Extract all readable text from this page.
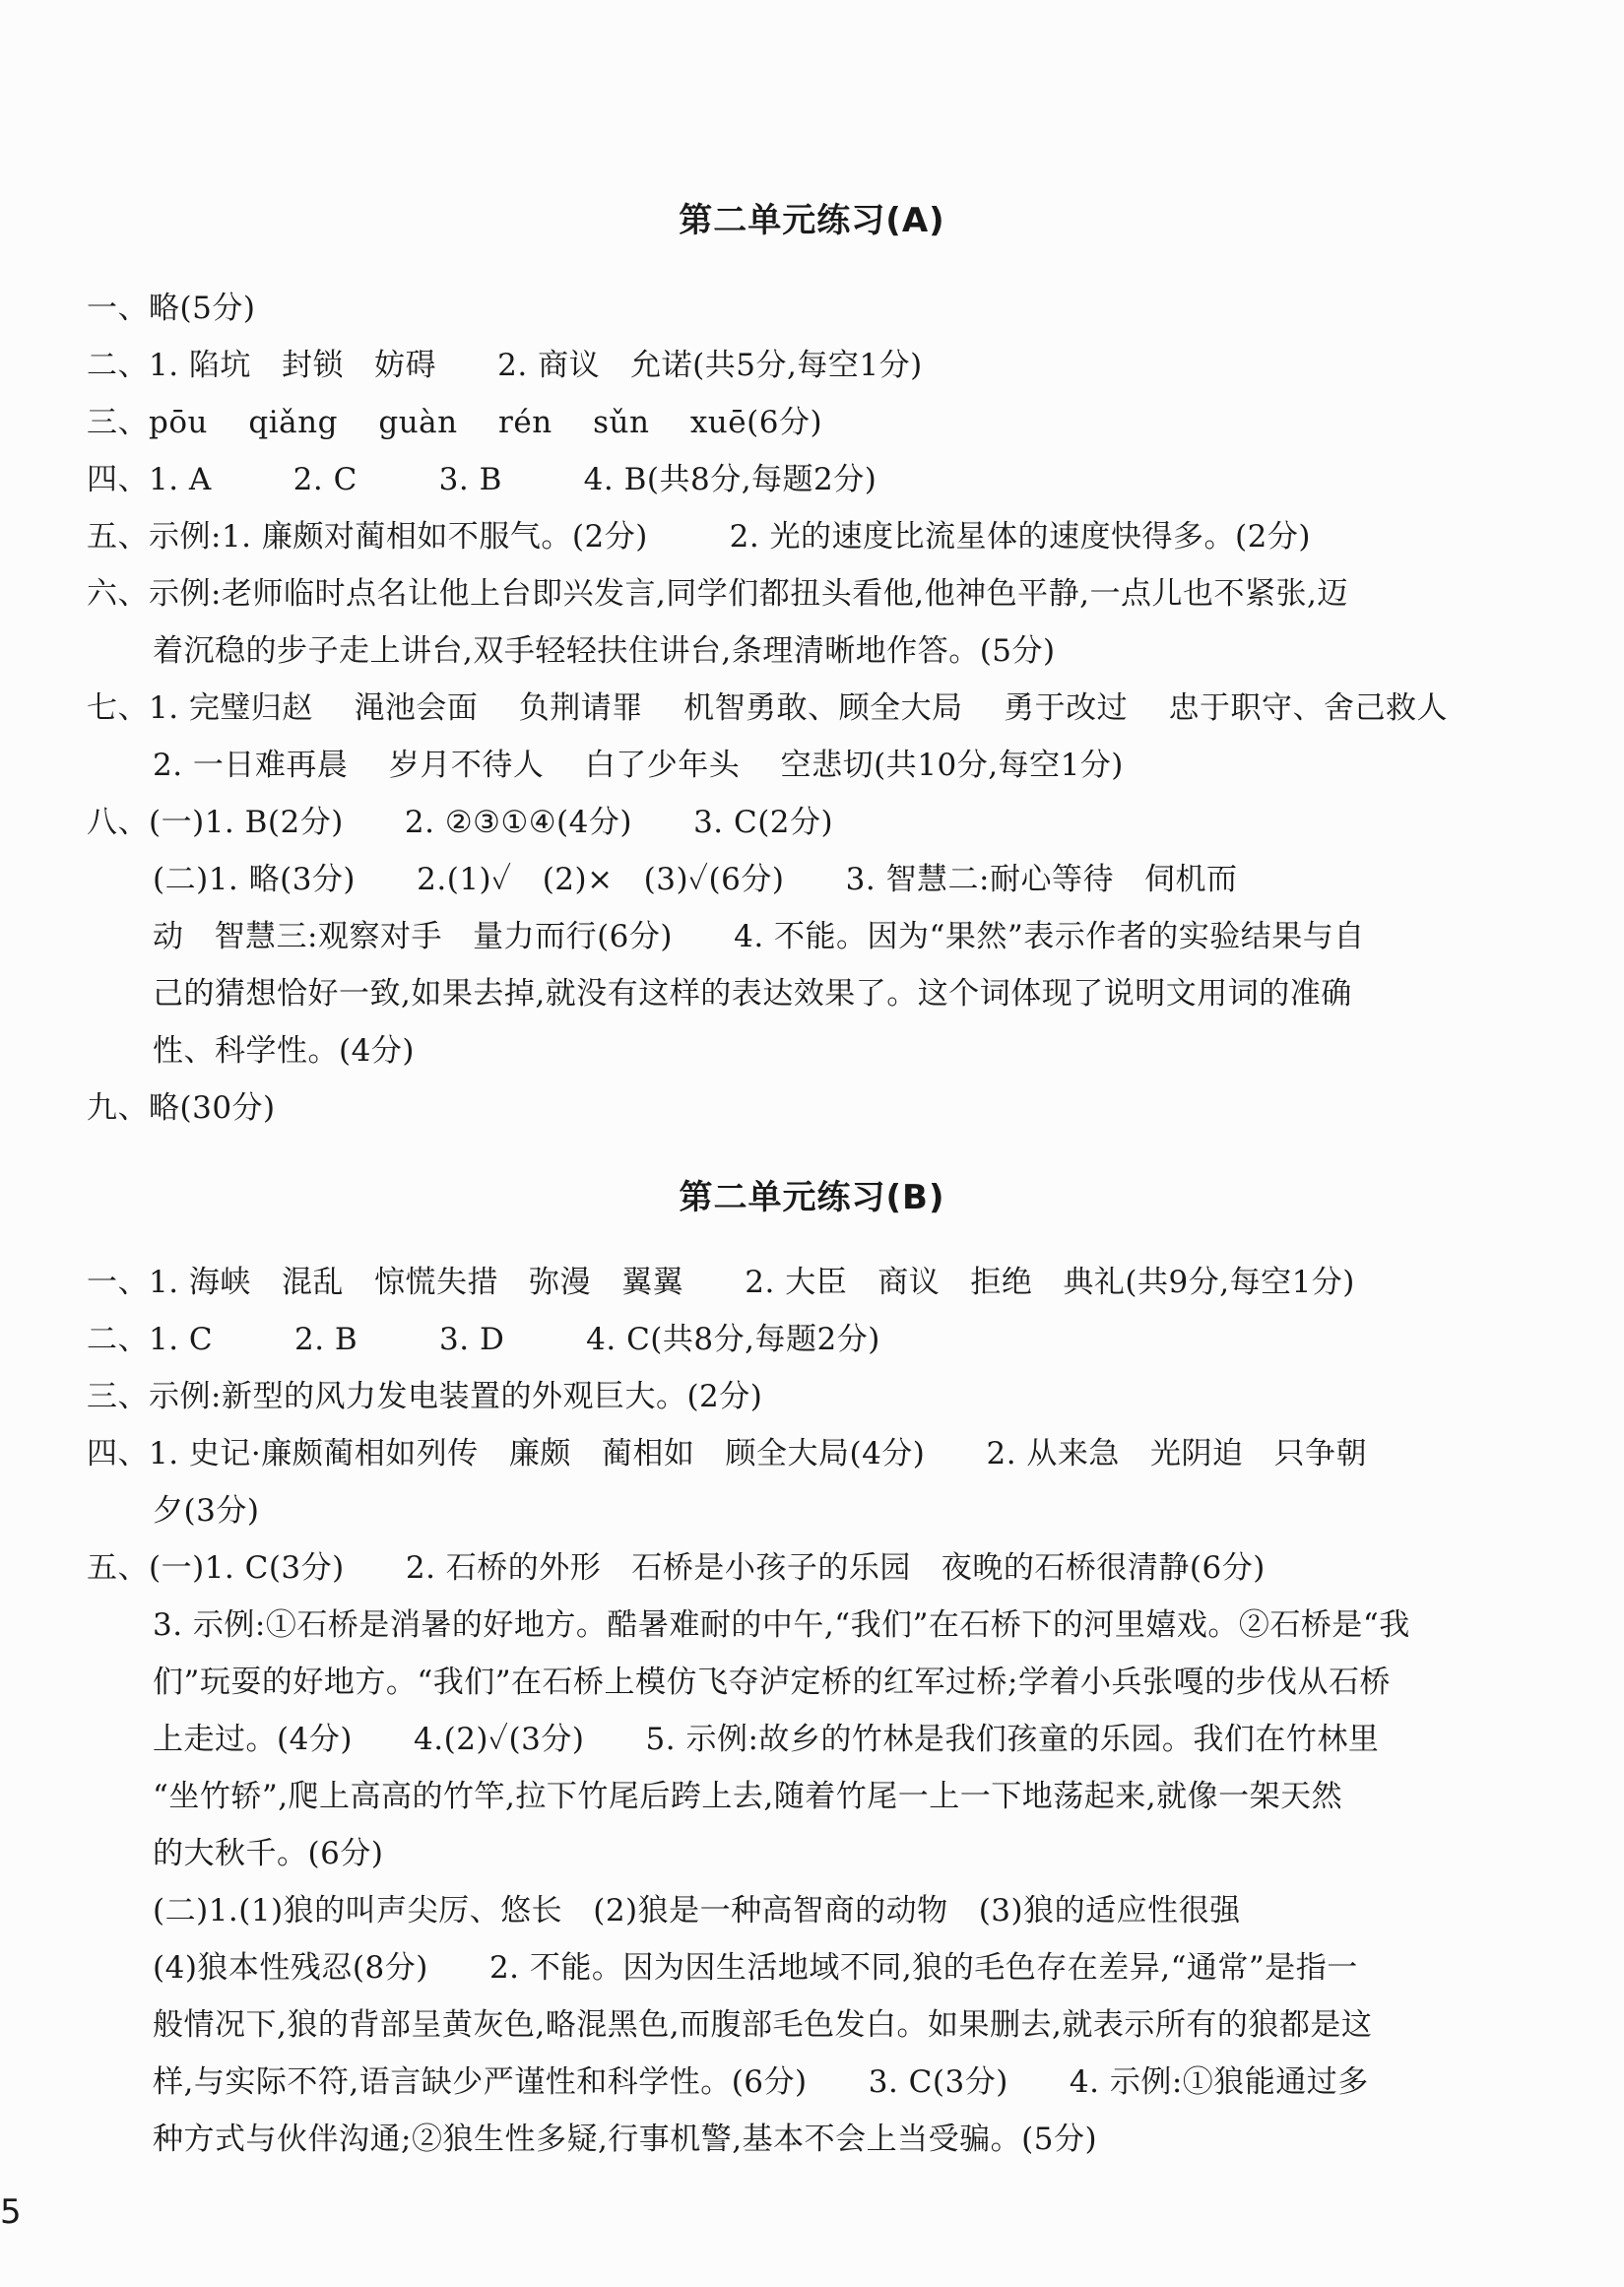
第二单元练习(A)
一、略(5分)
二、1. 陷坑   封锁   妨碍      2. 商议   允诺(共5分,每空1分)
三、pōu    qiǎng    guàn    rén    sǔn    xuē(6分)
四、1. A        2. C        3. B        4. B(共8分,每题2分)
五、示例:1. 廉颇对蔺相如不服气。(2分)        2. 光的速度比流星体的速度快得多。(2分)
六、示例:老师临时点名让他上台即兴发言,同学们都扭头看他,他神色平静,一点儿也不紧张,迈
着沉稳的步子走上讲台,双手轻轻扶住讲台,条理清晰地作答。(5分)
七、1. 完璧归赵    渑池会面    负荆请罪    机智勇敢、顾全大局    勇于改过    忠于职守、舍己救人
2. 一日难再晨    岁月不待人    白了少年头    空悲切(共10分,每空1分)
八、(一)1. B(2分)      2. ②③①④(4分)      3. C(2分)
(二)1. 略(3分)      2.(1)✓   (2)×   (3)✓(6分)      3. 智慧二:耐心等待   伺机而
动   智慧三:观察对手   量力而行(6分)      4. 不能。因为“果然”表示作者的实验结果与自
己的猜想恰好一致,如果去掉,就没有这样的表达效果了。这个词体现了说明文用词的准确
性、科学性。(4分)
九、略(30分)
第二单元练习(B)
一、1. 海峡   混乱   惊慌失措   弥漫   翼翼      2. 大臣   商议   拒绝   典礼(共9分,每空1分)
二、1. C        2. B        3. D        4. C(共8分,每题2分)
三、示例:新型的风力发电装置的外观巨大。(2分)
四、1. 史记·廉颇蔺相如列传   廉颇   蔺相如   顾全大局(4分)      2. 从来急   光阴迫   只争朝
夕(3分)
五、(一)1. C(3分)      2. 石桥的外形   石桥是小孩子的乐园   夜晚的石桥很清静(6分)
3. 示例:①石桥是消暑的好地方。酷暑难耐的中午,“我们”在石桥下的河里嬉戏。②石桥是“我
们”玩耍的好地方。“我们”在石桥上模仿飞夺泸定桥的红军过桥;学着小兵张嘎的步伐从石桥
上走过。(4分)      4.(2)✓(3分)      5. 示例:故乡的竹林是我们孩童的乐园。我们在竹林里
“坐竹轿”,爬上高高的竹竿,拉下竹尾后跨上去,随着竹尾一上一下地荡起来,就像一架天然
的大秋千。(6分)
(二)1.(1)狼的叫声尖厉、悠长   (2)狼是一种高智商的动物   (3)狼的适应性很强
(4)狼本性残忍(8分)      2. 不能。因为因生活地域不同,狼的毛色存在差异,“通常”是指一
般情况下,狼的背部呈黄灰色,略混黑色,而腹部毛色发白。如果删去,就表示所有的狼都是这
样,与实际不符,语言缺少严谨性和科学性。(6分)      3. C(3分)      4. 示例:①狼能通过多
种方式与伙伴沟通;②狼生性多疑,行事机警,基本不会上当受骗。(5分)
5
